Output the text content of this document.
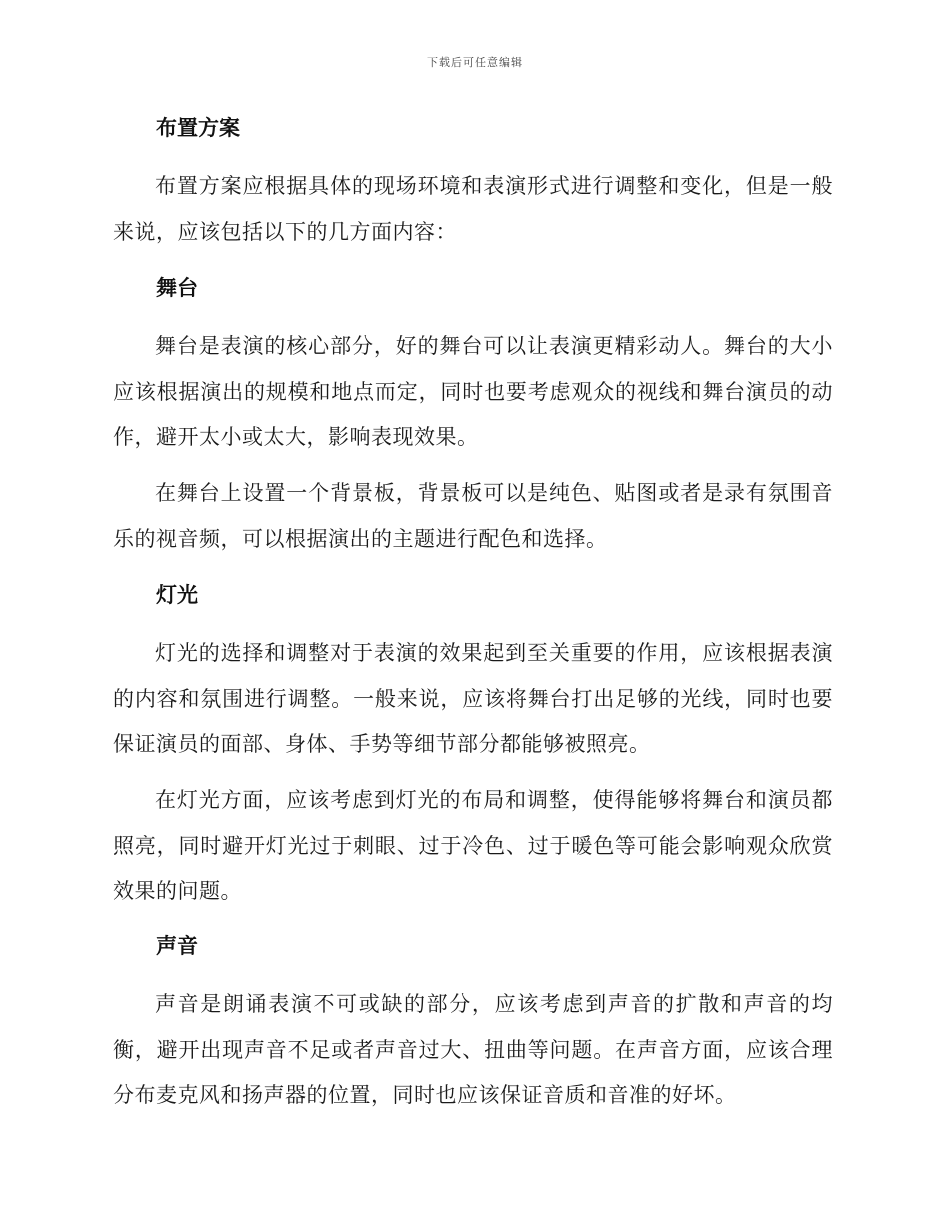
下载后可任意编辑
布置方案

布置方案应根据具体的现场环境和表演形式进行调整和变化，但是一般来说，应该包括以下的几方面内容：

舞台

舞台是表演的核心部分，好的舞台可以让表演更精彩动人。舞台的大小应该根据演出的规模和地点而定，同时也要考虑观众的视线和舞台演员的动作，避开太小或太大，影响表现效果。

在舞台上设置一个背景板，背景板可以是纯色、贴图或者是录有氛围音乐的视音频，可以根据演出的主题进行配色和选择。

灯光

灯光的选择和调整对于表演的效果起到至关重要的作用，应该根据表演的内容和氛围进行调整。一般来说，应该将舞台打出足够的光线，同时也要保证演员的面部、身体、手势等细节部分都能够被照亮。

在灯光方面，应该考虑到灯光的布局和调整，使得能够将舞台和演员都照亮，同时避开灯光过于刺眼、过于冷色、过于暖色等可能会影响观众欣赏效果的问题。

声音

声音是朗诵表演不可或缺的部分，应该考虑到声音的扩散和声音的均衡，避开出现声音不足或者声音过大、扭曲等问题。在声音方面，应该合理分布麦克风和扬声器的位置，同时也应该保证音质和音准的好坏。
